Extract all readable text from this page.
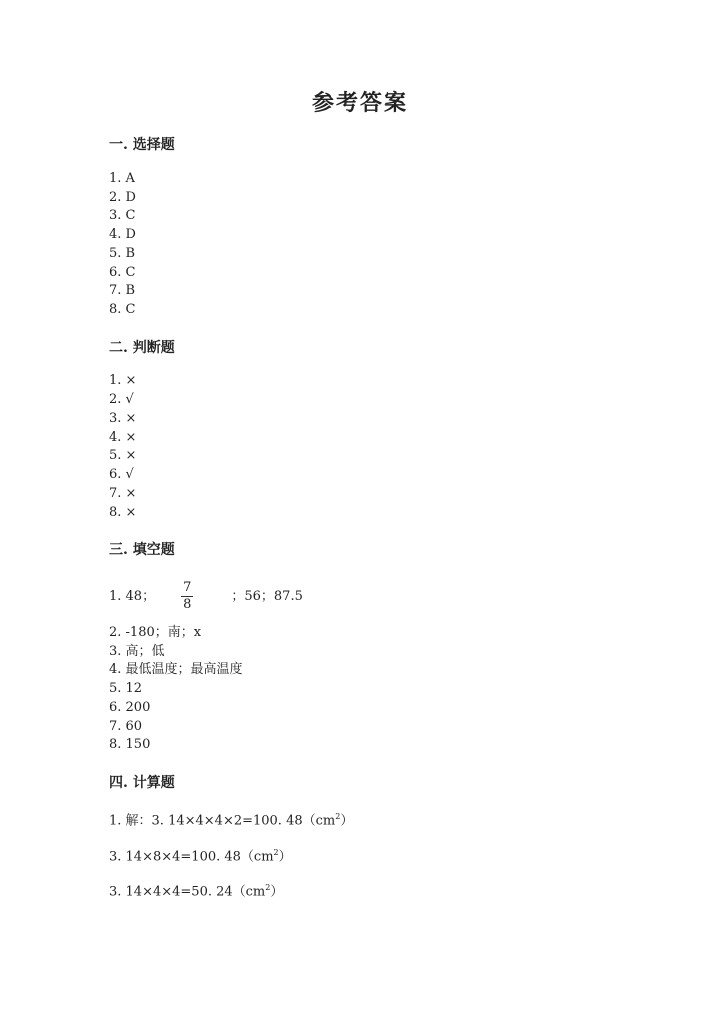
参考答案
一. 选择题
1. A
2. D
3. C
4. D
5. B
6. C
7. B
8. C
二. 判断题
1. ×
2. √
3. ×
4. ×
5. ×
6. √
7. ×
8. ×
三. 填空题
1. 48； $\frac{7}{8}$	；56；87.5
2. -180；南；x
3. 高；低
4. 最低温度；最高温度
5. 12
6. 200
7. 60
8. 150
四. 计算题
1. 解：3. 14×4×4×2=100. $48(cm^2)$
3. 14×8×4=100. $48(cm^2)$
3. 14×4×4=50. $24(cm^2)$
